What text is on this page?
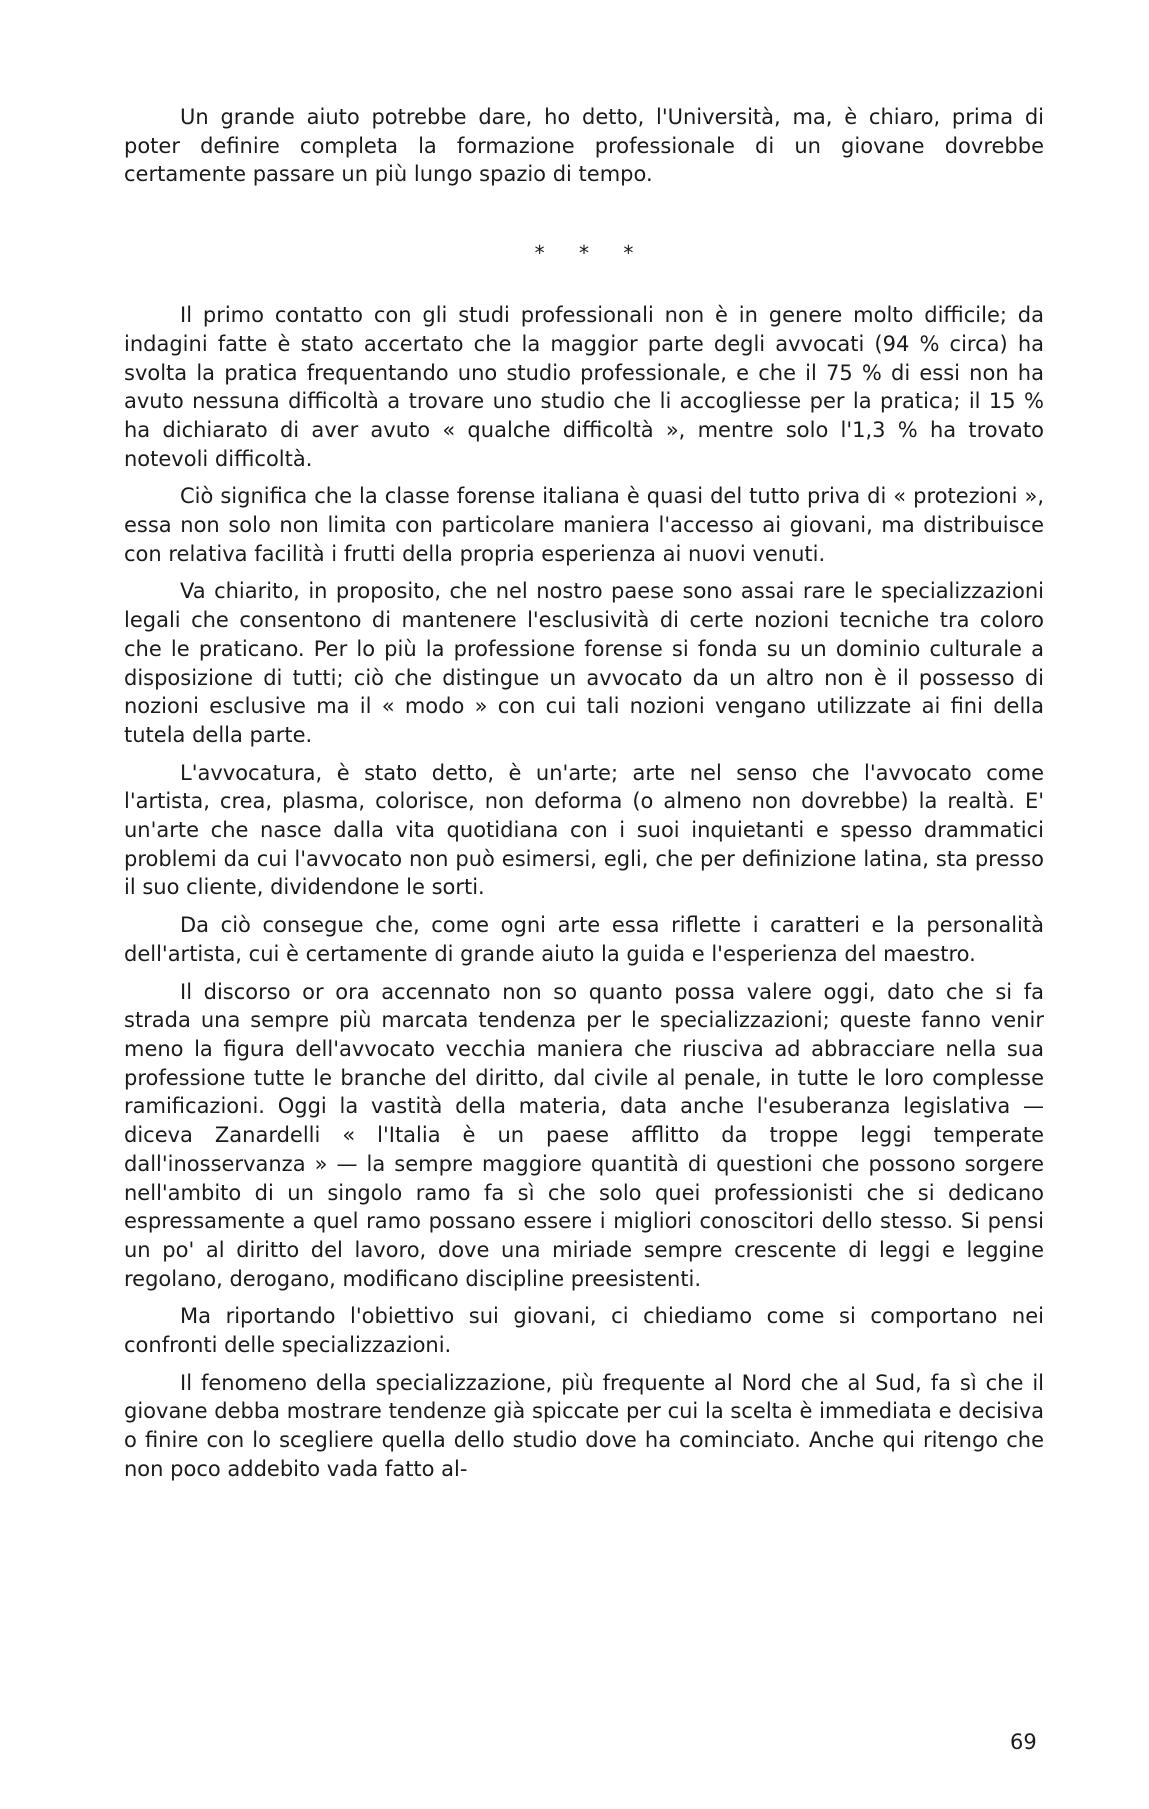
Un grande aiuto potrebbe dare, ho detto, l'Università, ma, è chiaro, prima di poter definire completa la formazione professionale di un giovane dovrebbe certamente passare un più lungo spazio di tempo.

* * *

Il primo contatto con gli studi professionali non è in genere molto difficile; da indagini fatte è stato accertato che la maggior parte degli avvocati (94 % circa) ha svolta la pratica frequentando uno studio professionale, e che il 75 % di essi non ha avuto nessuna difficoltà a trovare uno studio che li accogliesse per la pratica; il 15 % ha dichiarato di aver avuto « qualche difficoltà », mentre solo l'1,3 % ha trovato notevoli difficoltà.

Ciò significa che la classe forense italiana è quasi del tutto priva di « protezioni », essa non solo non limita con particolare maniera l'accesso ai giovani, ma distribuisce con relativa facilità i frutti della propria esperienza ai nuovi venuti.

Va chiarito, in proposito, che nel nostro paese sono assai rare le specializzazioni legali che consentono di mantenere l'esclusività di certe nozioni tecniche tra coloro che le praticano. Per lo più la professione forense si fonda su un dominio culturale a disposizione di tutti; ciò che distingue un avvocato da un altro non è il possesso di nozioni esclusive ma il « modo » con cui tali nozioni vengano utilizzate ai fini della tutela della parte.

L'avvocatura, è stato detto, è un'arte; arte nel senso che l'avvocato come l'artista, crea, plasma, colorisce, non deforma (o almeno non dovrebbe) la realtà. E' un'arte che nasce dalla vita quotidiana con i suoi inquietanti e spesso drammatici problemi da cui l'avvocato non può esimersi, egli, che per definizione latina, sta presso il suo cliente, dividendone le sorti.

Da ciò consegue che, come ogni arte essa riflette i caratteri e la personalità dell'artista, cui è certamente di grande aiuto la guida e l'esperienza del maestro.

Il discorso or ora accennato non so quanto possa valere oggi, dato che si fa strada una sempre più marcata tendenza per le specializzazioni; queste fanno venir meno la figura dell'avvocato vecchia maniera che riusciva ad abbracciare nella sua professione tutte le branche del diritto, dal civile al penale, in tutte le loro complesse ramificazioni. Oggi la vastità della materia, data anche l'esuberanza legislativa — diceva Zanardelli « l'Italia è un paese afflitto da troppe leggi temperate dall'inosservanza » — la sempre maggiore quantità di questioni che possono sorgere nell'ambito di un singolo ramo fa sì che solo quei professionisti che si dedicano espressamente a quel ramo possano essere i migliori conoscitori dello stesso. Si pensi un po' al diritto del lavoro, dove una miriade sempre crescente di leggi e leggine regolano, derogano, modificano discipline preesistenti.

Ma riportando l'obiettivo sui giovani, ci chiediamo come si comportano nei confronti delle specializzazioni.

Il fenomeno della specializzazione, più frequente al Nord che al Sud, fa sì che il giovane debba mostrare tendenze già spiccate per cui la scelta è immediata e decisiva o finire con lo scegliere quella dello studio dove ha cominciato. Anche qui ritengo che non poco addebito vada fatto al-

69
